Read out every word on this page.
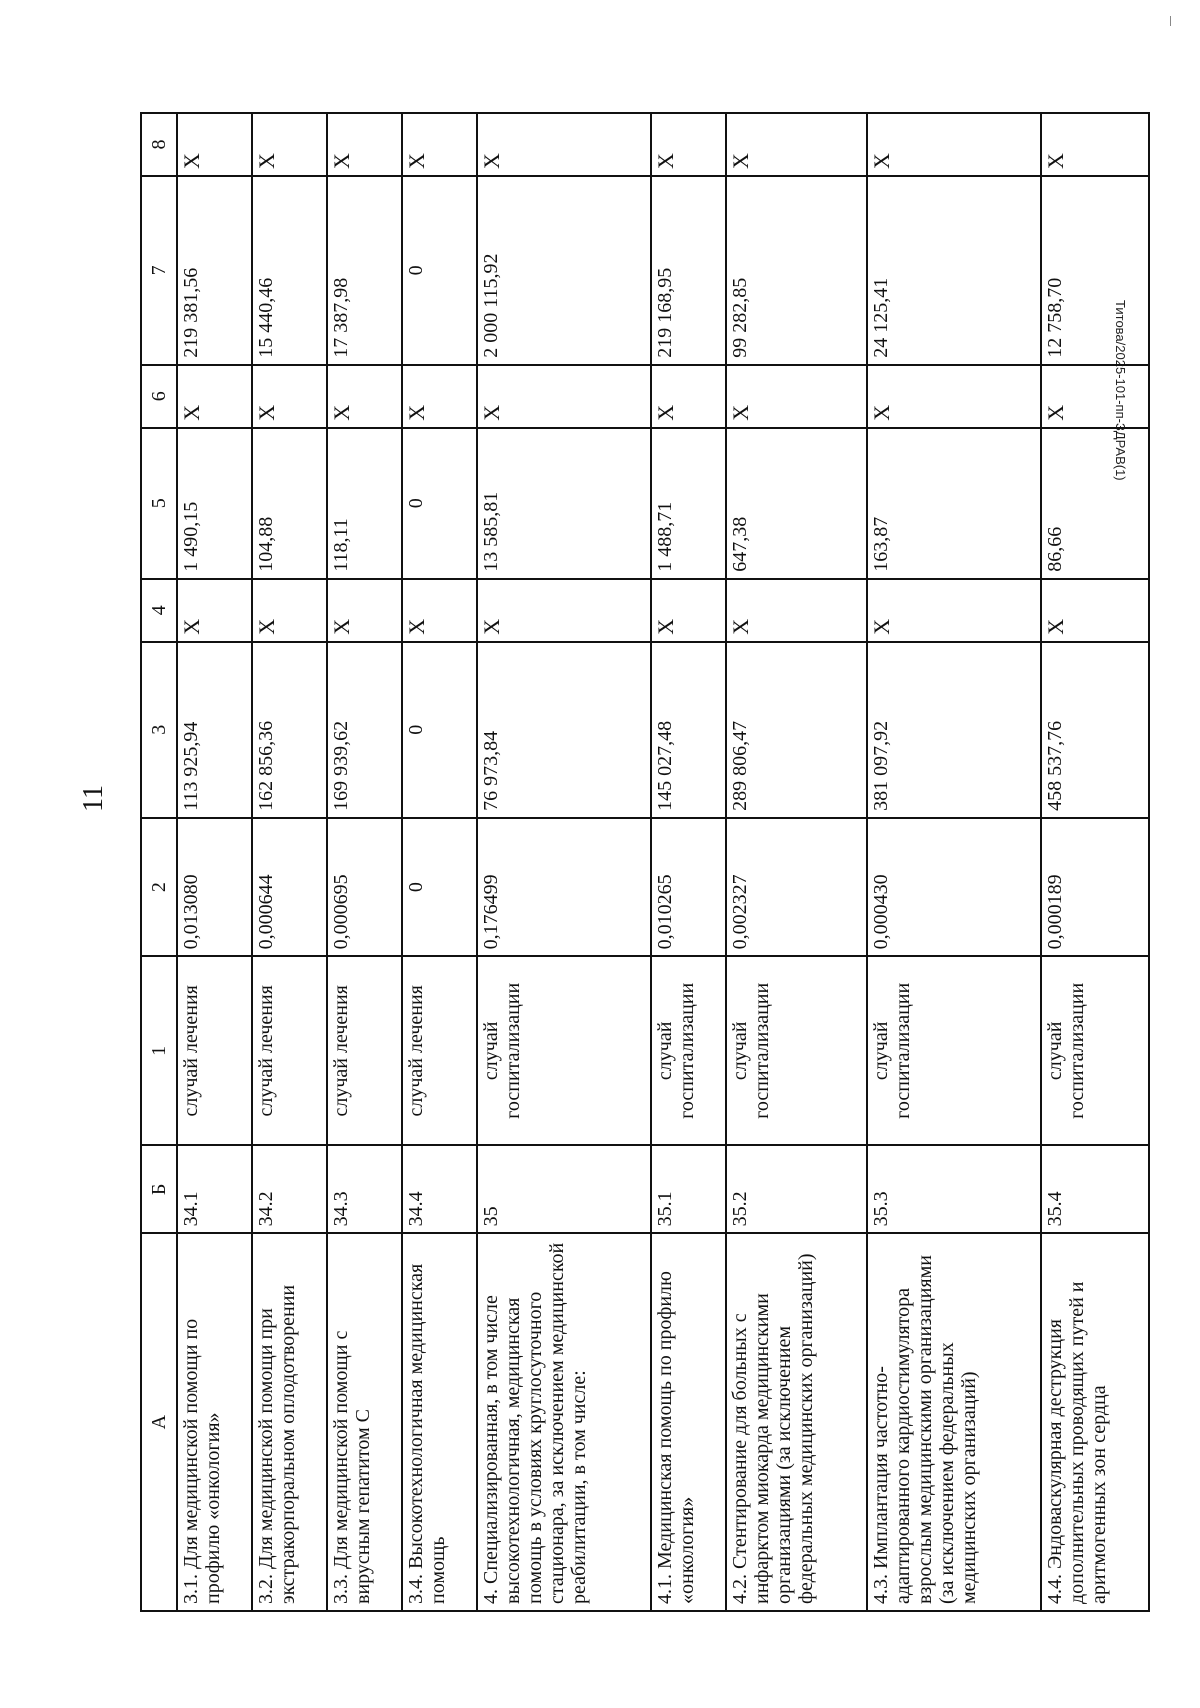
11
Титова/2025-101-пп-ЗДРАВ(1)
А	Б	1	2	3	4	5	6	7	8
3.1. Для медицинской помощи по профилю «онкология»	34.1	случай лечения	0,013080	113 925,94	Х	1 490,15	Х	219 381,56	Х
3.2. Для медицинской помощи при экстракорпоральном оплодотворении	34.2	случай лечения	0,000644	162 856,36	Х	104,88	Х	15 440,46	Х
3.3. Для медицинской помощи с вирусным гепатитом С	34.3	случай лечения	0,000695	169 939,62	Х	118,11	Х	17 387,98	Х
3.4. Высокотехнологичная медицинская помощь	34.4	случай лечения	0	0	Х	0	Х	0	Х
4. Специализированная, в том числе высокотехнологичная, медицинская помощь в условиях круглосуточного стационара, за исключением медицинской реабилитации, в том числе:	35	случай госпитализации	0,176499	76 973,84	Х	13 585,81	Х	2 000 115,92	Х
4.1. Медицинская помощь по профилю «онкология»	35.1	случай госпитализации	0,010265	145 027,48	Х	1 488,71	Х	219 168,95	Х
4.2. Стентирование для больных с инфарктом миокарда медицинскими организациями (за исключением федеральных медицинских организаций)	35.2	случай госпитализации	0,002327	289 806,47	Х	647,38	Х	99 282,85	Х
4.3. Имплантация частотно-адаптированного кардиостимулятора взрослым медицинскими организациями (за исключением федеральных медицинских организаций)	35.3	случай госпитализации	0,000430	381 097,92	Х	163,87	Х	24 125,41	Х
4.4. Эндоваскулярная деструкция дополнительных проводящих путей и аритмогенных зон сердца	35.4	случай госпитализации	0,000189	458 537,76	Х	86,66	Х	12 758,70	Х
